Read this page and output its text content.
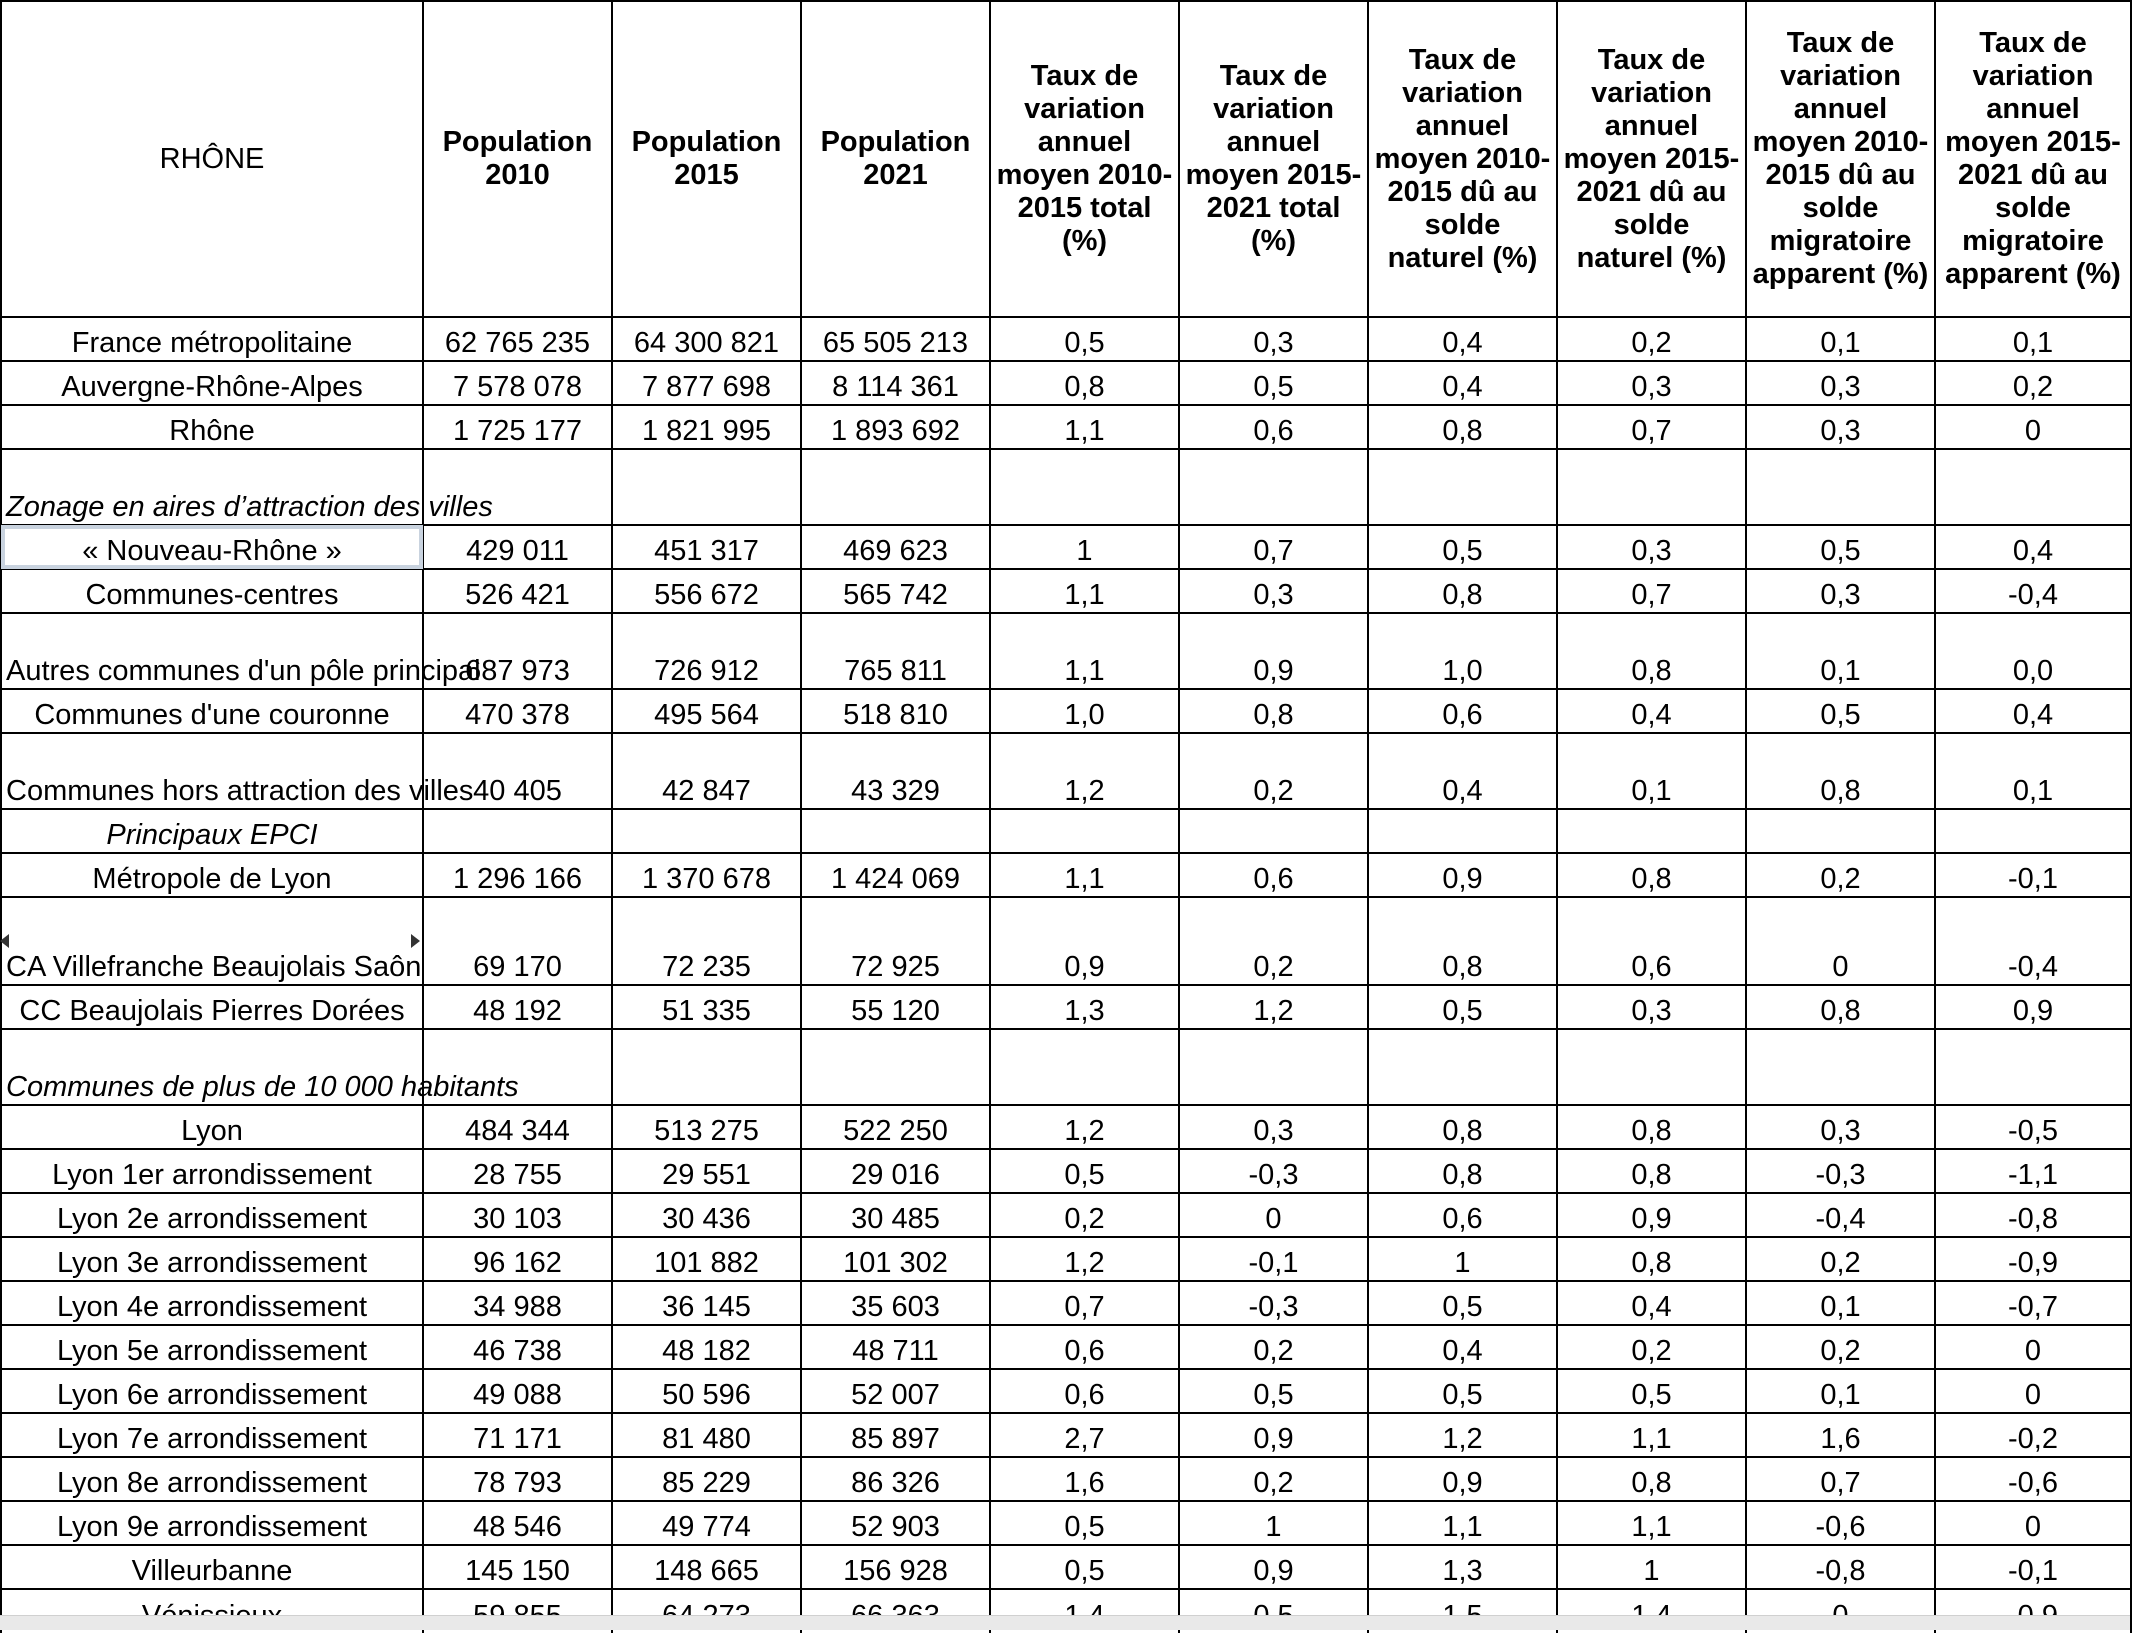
RHÔNE	Population 2010	Population 2015	Population 2021	Taux de variation annuel moyen 2010-2015 total (%)	Taux de variation annuel moyen 2015-2021 total (%)	Taux de variation annuel moyen 2010-2015 dû au solde naturel (%)	Taux de variation annuel moyen 2015-2021 dû au solde naturel (%)	Taux de variation annuel moyen 2010-2015 dû au solde migratoire apparent (%)	Taux de variation annuel moyen 2015-2021 dû au solde migratoire apparent (%)
France métropolitaine	62 765 235	64 300 821	65 505 213	0,5	0,3	0,4	0,2	0,1	0,1
Auvergne-Rhône-Alpes	7 578 078	7 877 698	8 114 361	0,8	0,5	0,4	0,3	0,3	0,2
Rhône	1 725 177	1 821 995	1 893 692	1,1	0,6	0,8	0,7	0,3	0
Zonage en aires d’attraction des villes									
« Nouveau-Rhône »	429 011	451 317	469 623	1	0,7	0,5	0,3	0,5	0,4
Communes-centres	526 421	556 672	565 742	1,1	0,3	0,8	0,7	0,3	-0,4
Autres communes d'un pôle principal	687 973	726 912	765 811	1,1	0,9	1,0	0,8	0,1	0,0
Communes d'une couronne	470 378	495 564	518 810	1,0	0,8	0,6	0,4	0,5	0,4
Communes hors attraction des villes	40 405	42 847	43 329	1,2	0,2	0,4	0,1	0,8	0,1
Principaux EPCI									
Métropole de Lyon	1 296 166	1 370 678	1 424 069	1,1	0,6	0,9	0,8	0,2	-0,1
CA Villefranche Beaujolais Saôn	69 170	72 235	72 925	0,9	0,2	0,8	0,6	0	-0,4
CC Beaujolais Pierres Dorées	48 192	51 335	55 120	1,3	1,2	0,5	0,3	0,8	0,9
Communes de plus de 10 000 habitants									
Lyon	484 344	513 275	522 250	1,2	0,3	0,8	0,8	0,3	-0,5
Lyon 1er arrondissement	28 755	29 551	29 016	0,5	-0,3	0,8	0,8	-0,3	-1,1
Lyon 2e arrondissement	30 103	30 436	30 485	0,2	0	0,6	0,9	-0,4	-0,8
Lyon 3e arrondissement	96 162	101 882	101 302	1,2	-0,1	1	0,8	0,2	-0,9
Lyon 4e arrondissement	34 988	36 145	35 603	0,7	-0,3	0,5	0,4	0,1	-0,7
Lyon 5e arrondissement	46 738	48 182	48 711	0,6	0,2	0,4	0,2	0,2	0
Lyon 6e arrondissement	49 088	50 596	52 007	0,6	0,5	0,5	0,5	0,1	0
Lyon 7e arrondissement	71 171	81 480	85 897	2,7	0,9	1,2	1,1	1,6	-0,2
Lyon 8e arrondissement	78 793	85 229	86 326	1,6	0,2	0,9	0,8	0,7	-0,6
Lyon 9e arrondissement	48 546	49 774	52 903	0,5	1	1,1	1,1	-0,6	0
Villeurbanne	145 150	148 665	156 928	0,5	0,9	1,3	1	-0,8	-0,1
